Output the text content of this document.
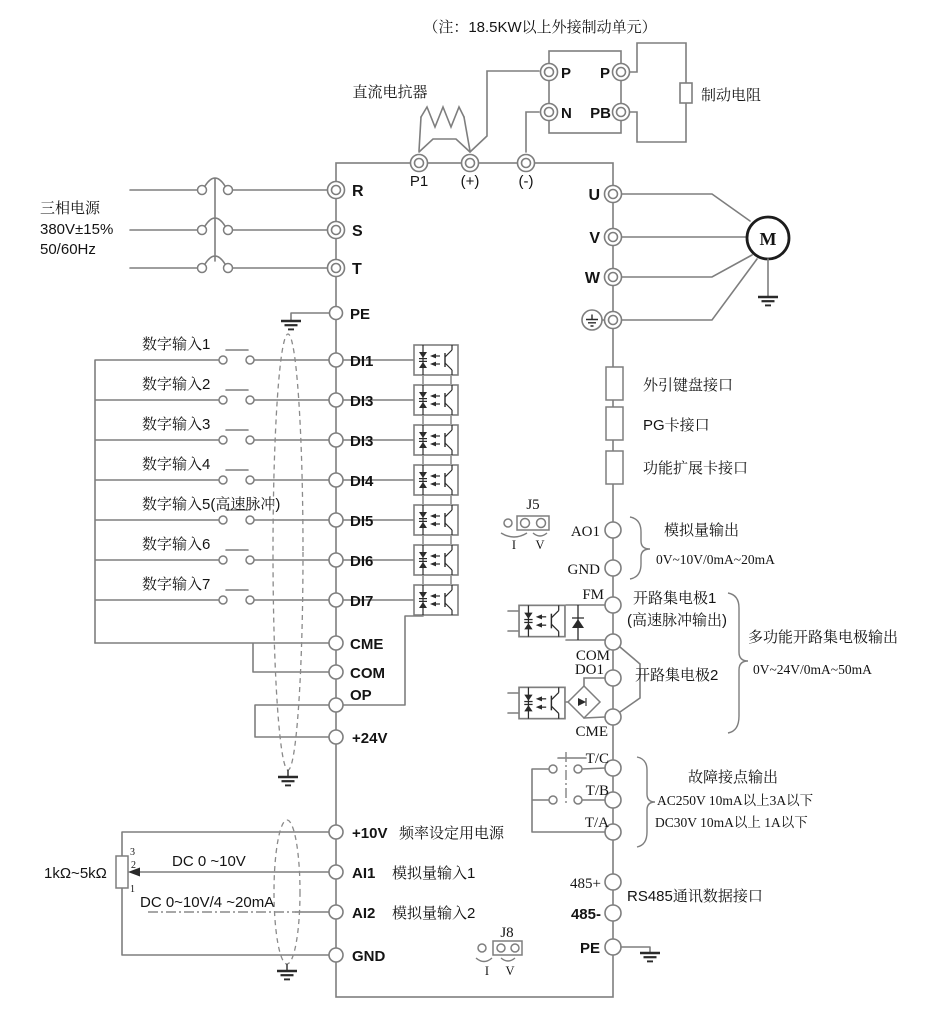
（注：18.5KW以上外接制动单元）
直流电抗器
P1 (+)	(-)
P
N
P
PB
制动电阻
三相电源
380V±15%
50/60Hz
R
S
T
PE
U
V
W
M
数字输入1
数字输入2
数字输入3
数字输入4
数字输入5(高速脉冲)
数字输入6
数字输入7
DI1
DI3
DI3
DI4
DI5
DI6
DI7
CME
COM
OP
+24V
3
2
1
1kΩ~5kΩ
DC 0 ~10V
DC 0~10V/4 ~20mA
+10V 频率设定用电源
AI1 模拟量输入1
AI2 模拟量输入2
GND
外引键盘接口
PG卡接口
功能扩展卡接口
J5
I V
AO1
GND
模拟量输出
0V~10V/0mA~20mA
FM
COM
DO1
CME
开路集电极1
(高速脉冲输出)
开路集电极2
多功能开路集电极输出
0V~24V/0mA~50mA
T/C
T/B
T/A
故障接点输出
AC250V 10mA以上3A以下
DC30V 10mA以上 1A以下
485+
485-
PE
RS485通讯数据接口
J8
I V
